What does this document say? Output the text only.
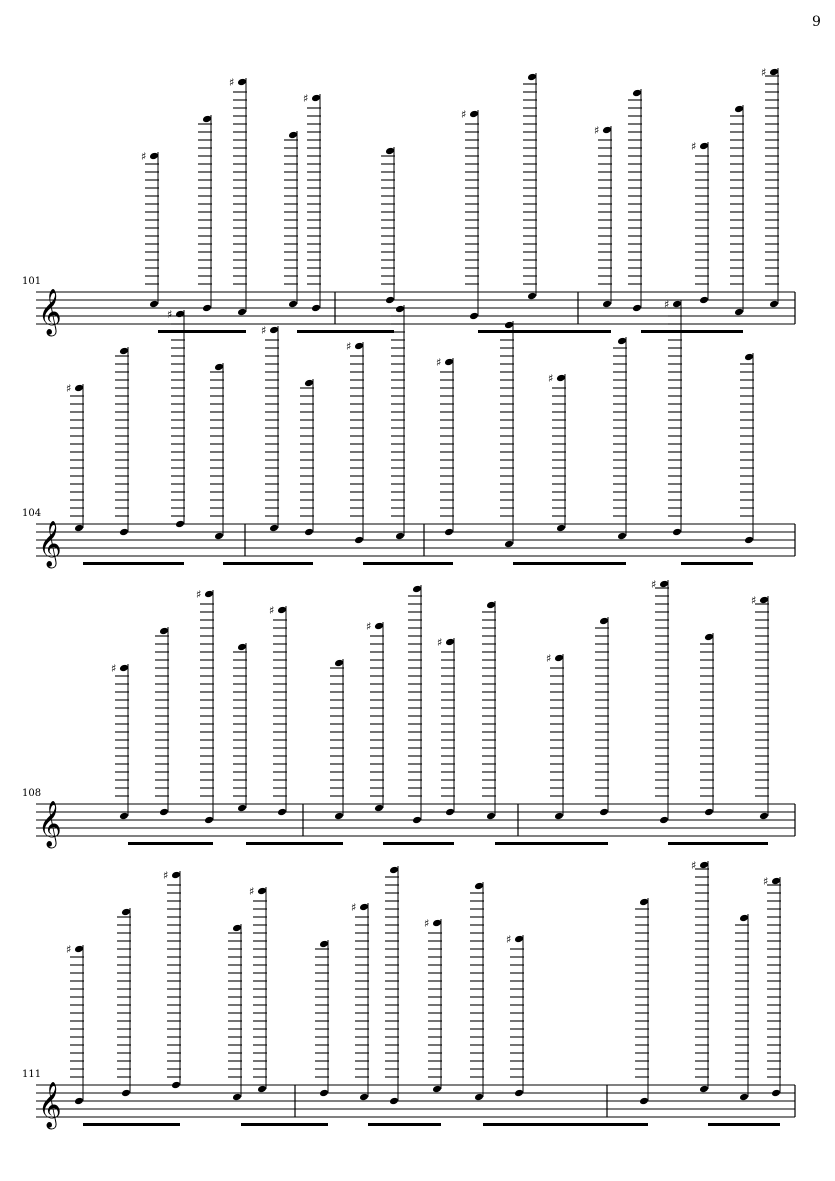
9
101
𝄞
♯
♯
♯
♯
♯
♯
♯
104
𝄞
♯
♯
♯
♯
♯
♯
♯
108
𝄞
♯
♯
♯
♯
♯
♯
♯
♯
111
𝄞
♯
♯
♯
♯
♯
♯
♯
♯
